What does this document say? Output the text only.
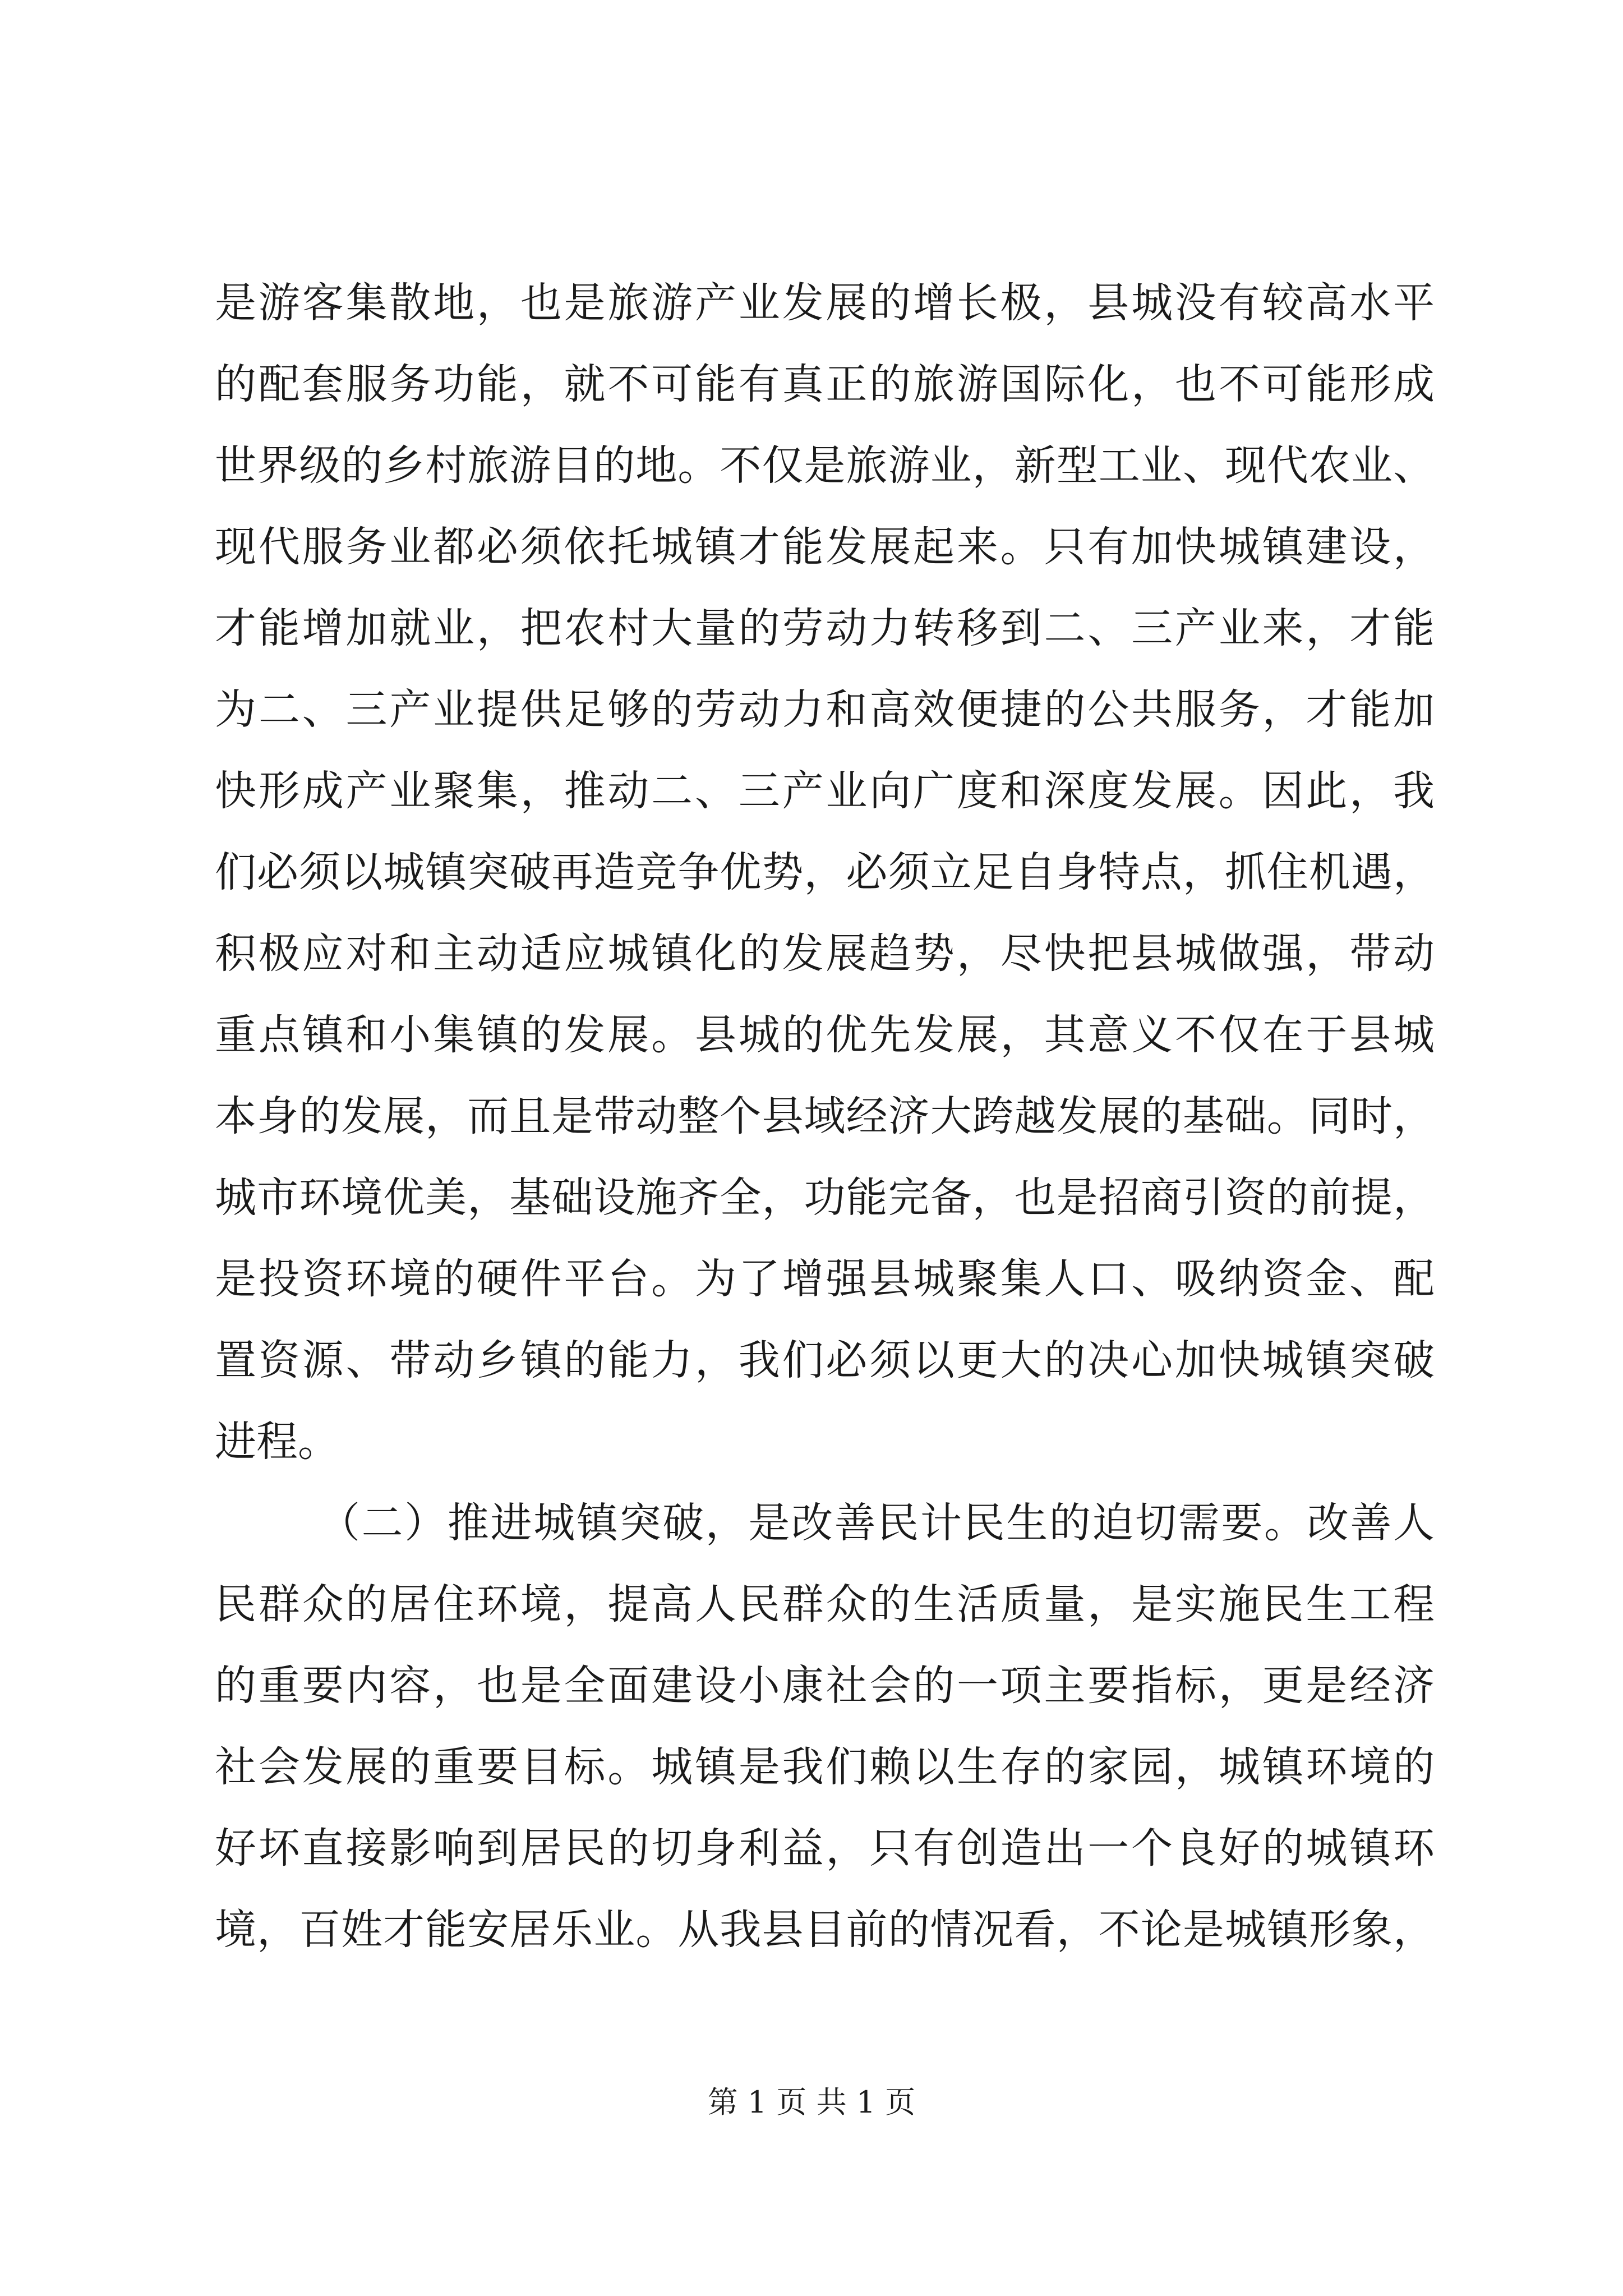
是游客集散地，也是旅游产业发展的增长极，县城没有较高水平
的配套服务功能，就不可能有真正的旅游国际化，也不可能形成
世界级的乡村旅游目的地。不仅是旅游业，新型工业、现代农业、
现代服务业都必须依托城镇才能发展起来。只有加快城镇建设，
才能增加就业，把农村大量的劳动力转移到二、三产业来，才能
为二、三产业提供足够的劳动力和高效便捷的公共服务，才能加
快形成产业聚集，推动二、三产业向广度和深度发展。因此，我
们必须以城镇突破再造竞争优势，必须立足自身特点，抓住机遇，
积极应对和主动适应城镇化的发展趋势，尽快把县城做强，带动
重点镇和小集镇的发展。县城的优先发展，其意义不仅在于县城
本身的发展，而且是带动整个县域经济大跨越发展的基础。同时，
城市环境优美，基础设施齐全，功能完备，也是招商引资的前提，
是投资环境的硬件平台。为了增强县城聚集人口、吸纳资金、配
置资源、带动乡镇的能力，我们必须以更大的决心加快城镇突破
进程。
（二）推进城镇突破，是改善民计民生的迫切需要。改善人
民群众的居住环境，提高人民群众的生活质量，是实施民生工程
的重要内容，也是全面建设小康社会的一项主要指标，更是经济
社会发展的重要目标。城镇是我们赖以生存的家园，城镇环境的
好坏直接影响到居民的切身利益，只有创造出一个良好的城镇环
境，百姓才能安居乐业。从我县目前的情况看，不论是城镇形象，
第 1 页 共 1 页
